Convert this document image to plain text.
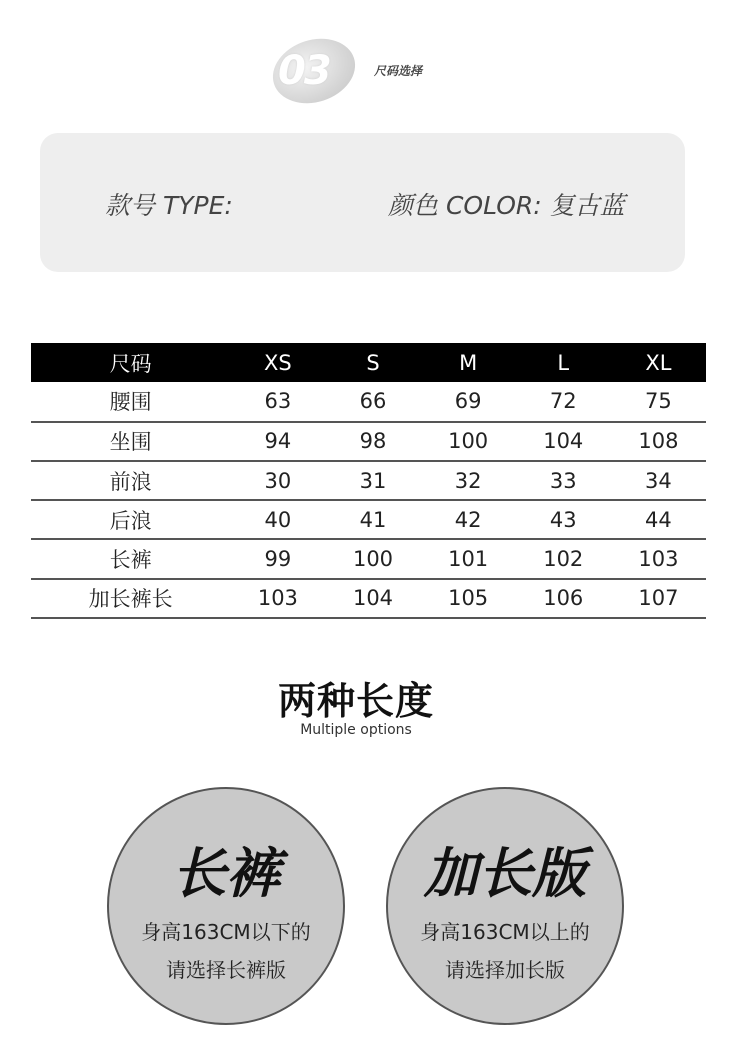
03	尺码选择
款号 TYPE:	颜色 COLOR: 复古蓝
尺码	XS	S	M	L	XL
腰围	63	66	69	72	75
坐围	94	98	100	104	108
前浪	30	31	32	33	34
后浪	40	41	42	43	44
长裤	99	100	101	102	103
加长裤长	103	104	105	106	107
两种长度
Multiple options
长裤
身高163CM以下的
请选择长裤版
加长版
身高163CM以上的
请选择加长版
